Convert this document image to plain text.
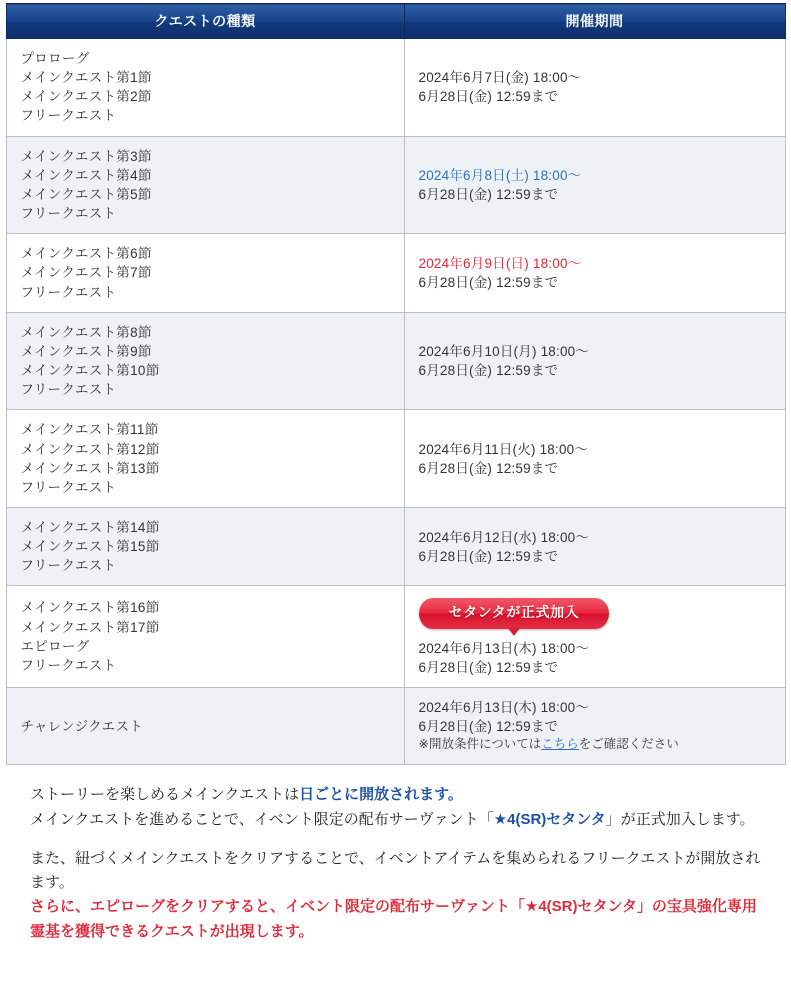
クエストの種類	開催期間

プロローグ
メインクエスト第1節
メインクエスト第2節
フリークエスト	2024年6月7日(金) 18:00～
6月28日(金) 12:59まで

メインクエスト第3節
メインクエスト第4節
メインクエスト第5節
フリークエスト	2024年6月8日(土) 18:00～
6月28日(金) 12:59まで

メインクエスト第6節
メインクエスト第7節
フリークエスト	2024年6月9日(日) 18:00～
6月28日(金) 12:59まで

メインクエスト第8節
メインクエスト第9節
メインクエスト第10節
フリークエスト	2024年6月10日(月) 18:00～
6月28日(金) 12:59まで

メインクエスト第11節
メインクエスト第12節
メインクエスト第13節
フリークエスト	2024年6月11日(火) 18:00～
6月28日(金) 12:59まで

メインクエスト第14節
メインクエスト第15節
フリークエスト	2024年6月12日(水) 18:00～
6月28日(金) 12:59まで

メインクエスト第16節
メインクエスト第17節
エピローグ
フリークエスト	セタンタが正式加入
2024年6月13日(木) 18:00～
6月28日(金) 12:59まで

チャレンジクエスト	2024年6月13日(木) 18:00～
6月28日(金) 12:59まで
※開放条件についてはこちらをご確認ください

ストーリーを楽しめるメインクエストは日ごとに開放されます。
メインクエストを進めることで、イベント限定の配布サーヴァント「★4(SR)セタンタ」が正式加入します。

また、紐づくメインクエストをクリアすることで、イベントアイテムを集められるフリークエストが開放されます。
さらに、エピローグをクリアすると、イベント限定の配布サーヴァント「★4(SR)セタンタ」の宝具強化専用霊基を獲得できるクエストが出現します。
